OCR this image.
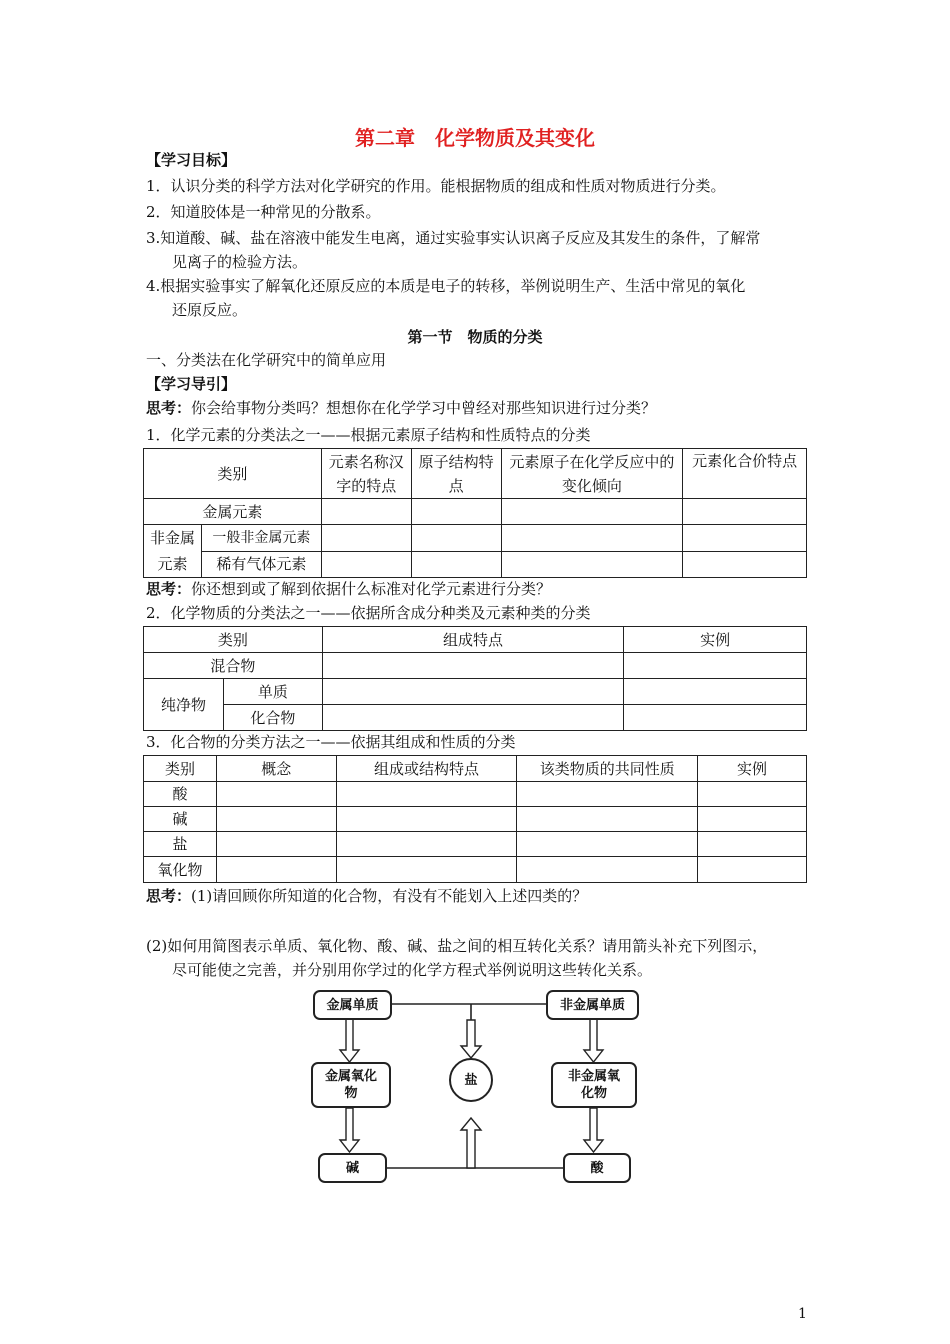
第二章　化学物质及其变化
【学习目标】
1．认识分类的科学方法对化学研究的作用。能根据物质的组成和性质对物质进行分类。
2．知道胶体是一种常见的分散系。
3.知道酸、碱、盐在溶液中能发生电离，通过实验事实认识离子反应及其发生的条件，了解常
见离子的检验方法。
4.根据实验事实了解氧化还原反应的本质是电子的转移，举例说明生产、生活中常见的氧化
还原反应。
第一节　物质的分类
一、分类法在化学研究中的简单应用
【学习导引】
思考：你会给事物分类吗？想想你在化学学习中曾经对那些知识进行过分类？
1．化学元素的分类法之一——根据元素原子结构和性质特点的分类
类别		元素名称汉字的特点	原子结构特点	元素原子在化学反应中的变化倾向	元素化合价特点
金属元素					
非金属元素	一般非金属元素				
	稀有气体元素				
思考：你还想到或了解到依据什么标准对化学元素进行分类？
2．化学物质的分类法之一——依据所含成分种类及元素种类的分类
类别		组成特点	实例
混合物			
纯净物	单质		
	化合物		
3．化合物的分类方法之一——依据其组成和性质的分类
类别	概念	组成或结构特点	该类物质的共同性质	实例
酸				
碱				
盐				
氧化物				
思考：(1)请回顾你所知道的化合物，有没有不能划入上述四类的？
(2)如何用简图表示单质、氧化物、酸、碱、盐之间的相互转化关系？请用箭头补充下列图示，
尽可能使之完善，并分别用你学过的化学方程式举例说明这些转化关系。
金属单质	非金属单质
金属氧化物
非金属氧化物
盐
碱	酸
1
